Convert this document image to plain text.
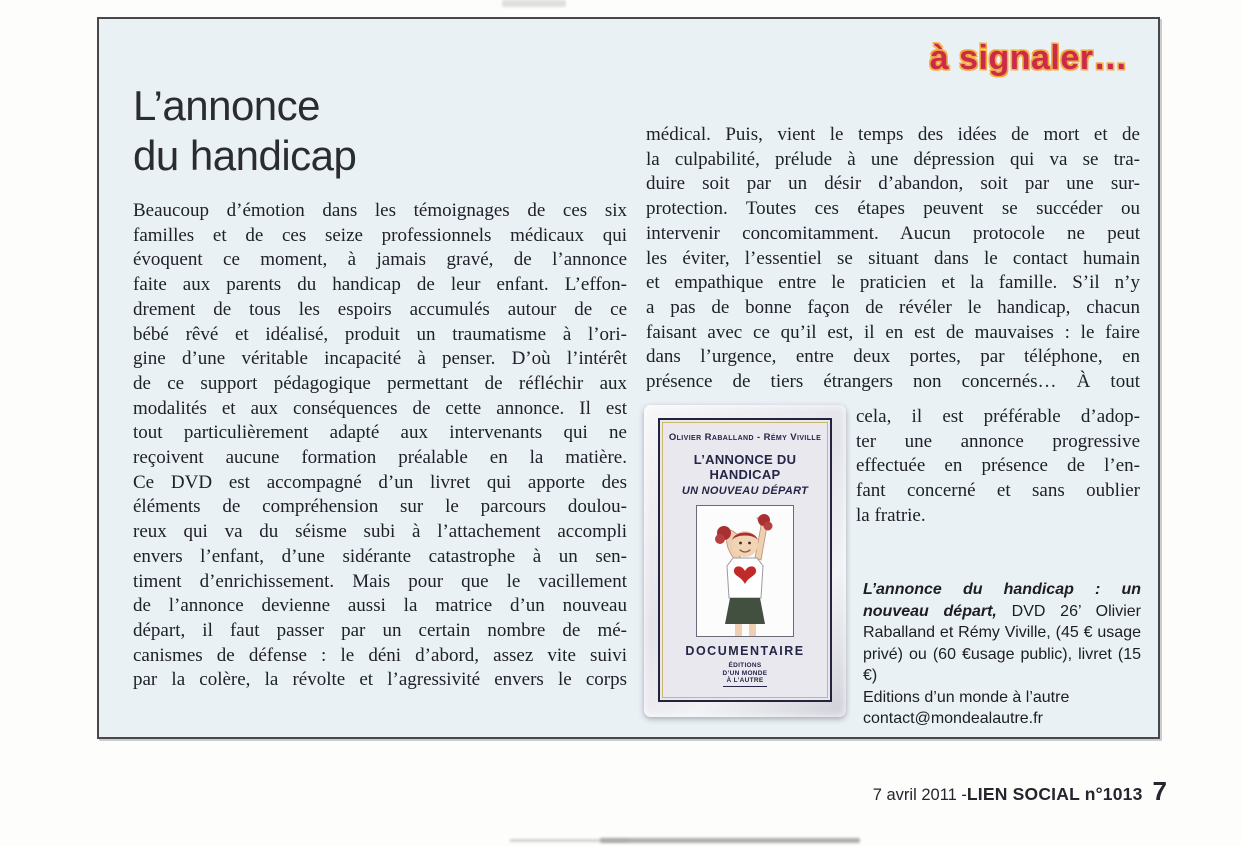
à signaler…
L’annonce
du handicap
Beaucoup d’émotion dans les témoignages de ces six
familles et de ces seize professionnels médicaux qui
évoquent ce moment, à jamais gravé, de l’annonce
faite aux parents du handicap de leur enfant. L’effon-
drement de tous les espoirs accumulés autour de ce
bébé rêvé et idéalisé, produit un traumatisme à l’ori-
gine d’une véritable incapacité à penser. D’où l’intérêt
de ce support pédagogique permettant de réfléchir aux
modalités et aux conséquences de cette annonce. Il est
tout particulièrement adapté aux intervenants qui ne
reçoivent aucune formation préalable en la matière.
Ce DVD est accompagné d’un livret qui apporte des
éléments de compréhension sur le parcours doulou-
reux qui va du séisme subi à l’attachement accompli
envers l’enfant, d’une sidérante catastrophe à un sen-
timent d’enrichissement. Mais pour que le vacillement
de l’annonce devienne aussi la matrice d’un nouveau
départ, il faut passer par un certain nombre de mé-
canismes de défense : le déni d’abord, assez vite suivi
par la colère, la révolte et l’agressivité envers le corps
médical. Puis, vient le temps des idées de mort et de
la culpabilité, prélude à une dépression qui va se tra-
duire soit par un désir d’abandon, soit par une sur-
protection. Toutes ces étapes peuvent se succéder ou
intervenir concomitamment. Aucun protocole ne peut
les éviter, l’essentiel se situant dans le contact humain
et empathique entre le praticien et la famille. S’il n’y
a pas de bonne façon de révéler le handicap, chacun
faisant avec ce qu’il est, il en est de mauvaises : le faire
dans l’urgence, entre deux portes, par téléphone, en
présence de tiers étrangers non concernés… À tout
Olivier Raballand - Rémy Viville
L’ANNONCE DU HANDICAP
UN NOUVEAU DÉPART
DOCUMENTAIRE
ÉDITIONS
D’UN MONDE
À L’AUTRE
cela, il est préférable d’adop-
ter une annonce progressive
effectuée en présence de l’en-
fant concerné et sans oublier
la fratrie.

L’annonce du handicap : un nouveau départ, DVD 26’ Olivier Raballand et Rémy Viville, (45 € usage privé) ou (60 €usage public), livret (15 €)

Editions d’un monde à l’autre
contact@mondealautre.fr
7 avril 2011 - LIEN SOCIAL n°1013 7
